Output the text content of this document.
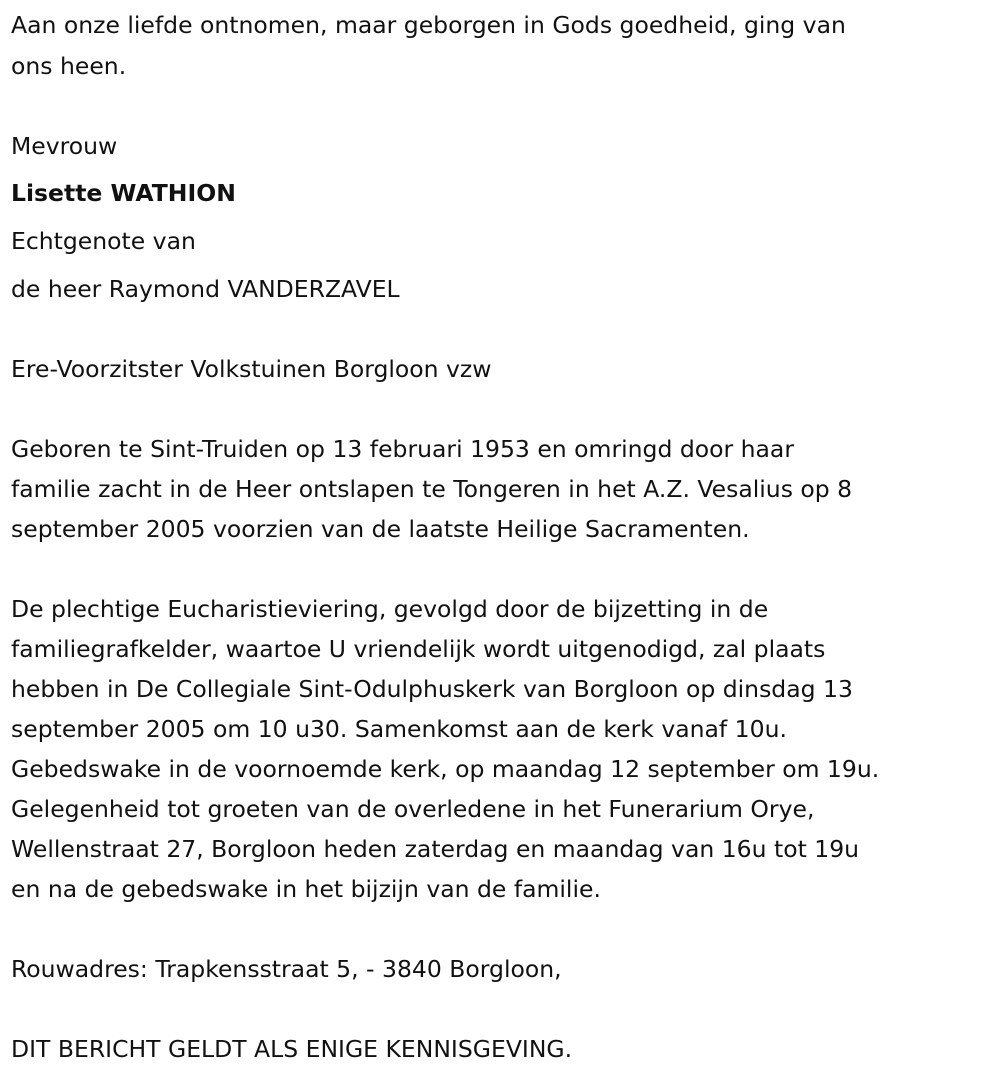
Aan onze liefde ontnomen, maar geborgen in Gods goedheid, ging van
ons heen.
Mevrouw
Lisette WATHION
Echtgenote van
de heer Raymond VANDERZAVEL
Ere-Voorzitster Volkstuinen Borgloon vzw
Geboren te Sint-Truiden op 13 februari 1953 en omringd door haar
familie zacht in de Heer ontslapen te Tongeren in het A.Z. Vesalius op 8
september 2005 voorzien van de laatste Heilige Sacramenten.
De plechtige Eucharistieviering, gevolgd door de bijzetting in de
familiegrafkelder, waartoe U vriendelijk wordt uitgenodigd, zal plaats
hebben in De Collegiale Sint-Odulphuskerk van Borgloon op dinsdag 13
september 2005 om 10 u30. Samenkomst aan de kerk vanaf 10u.
Gebedswake in de voornoemde kerk, op maandag 12 september om 19u.
Gelegenheid tot groeten van de overledene in het Funerarium Orye,
Wellenstraat 27, Borgloon heden zaterdag en maandag van 16u tot 19u
en na de gebedswake in het bijzijn van de familie.
Rouwadres: Trapkensstraat 5, - 3840 Borgloon,
DIT BERICHT GELDT ALS ENIGE KENNISGEVING.
